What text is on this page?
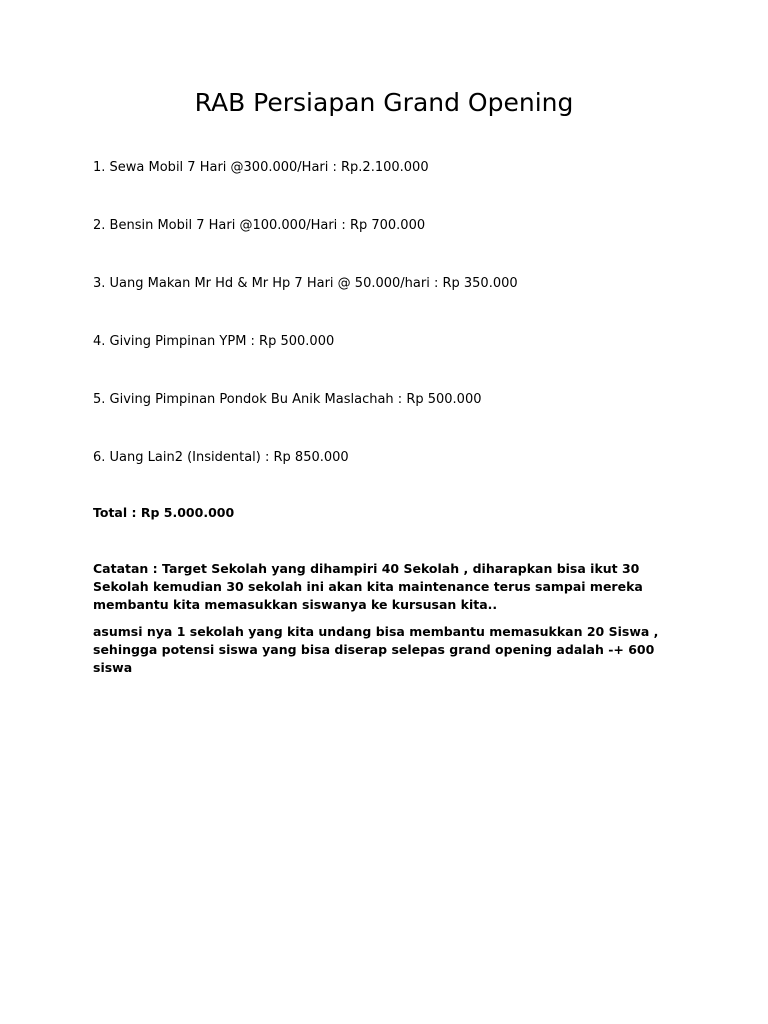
RAB Persiapan Grand Opening
1. Sewa Mobil 7 Hari @300.000/Hari : Rp.2.100.000
2. Bensin Mobil 7 Hari @100.000/Hari : Rp 700.000
3. Uang Makan Mr Hd & Mr Hp 7 Hari @ 50.000/hari : Rp 350.000
4. Giving Pimpinan YPM : Rp 500.000
5. Giving Pimpinan Pondok Bu Anik Maslachah : Rp 500.000
6. Uang Lain2 (Insidental) : Rp 850.000
Total : Rp 5.000.000
Catatan : Target Sekolah yang dihampiri 40 Sekolah , diharapkan bisa ikut 30 Sekolah kemudian 30 sekolah ini akan kita maintenance terus sampai mereka membantu kita memasukkan siswanya ke kursusan kita..
asumsi nya 1 sekolah yang kita undang bisa membantu memasukkan 20 Siswa , sehingga potensi siswa yang bisa diserap selepas grand opening adalah -+ 600 siswa
